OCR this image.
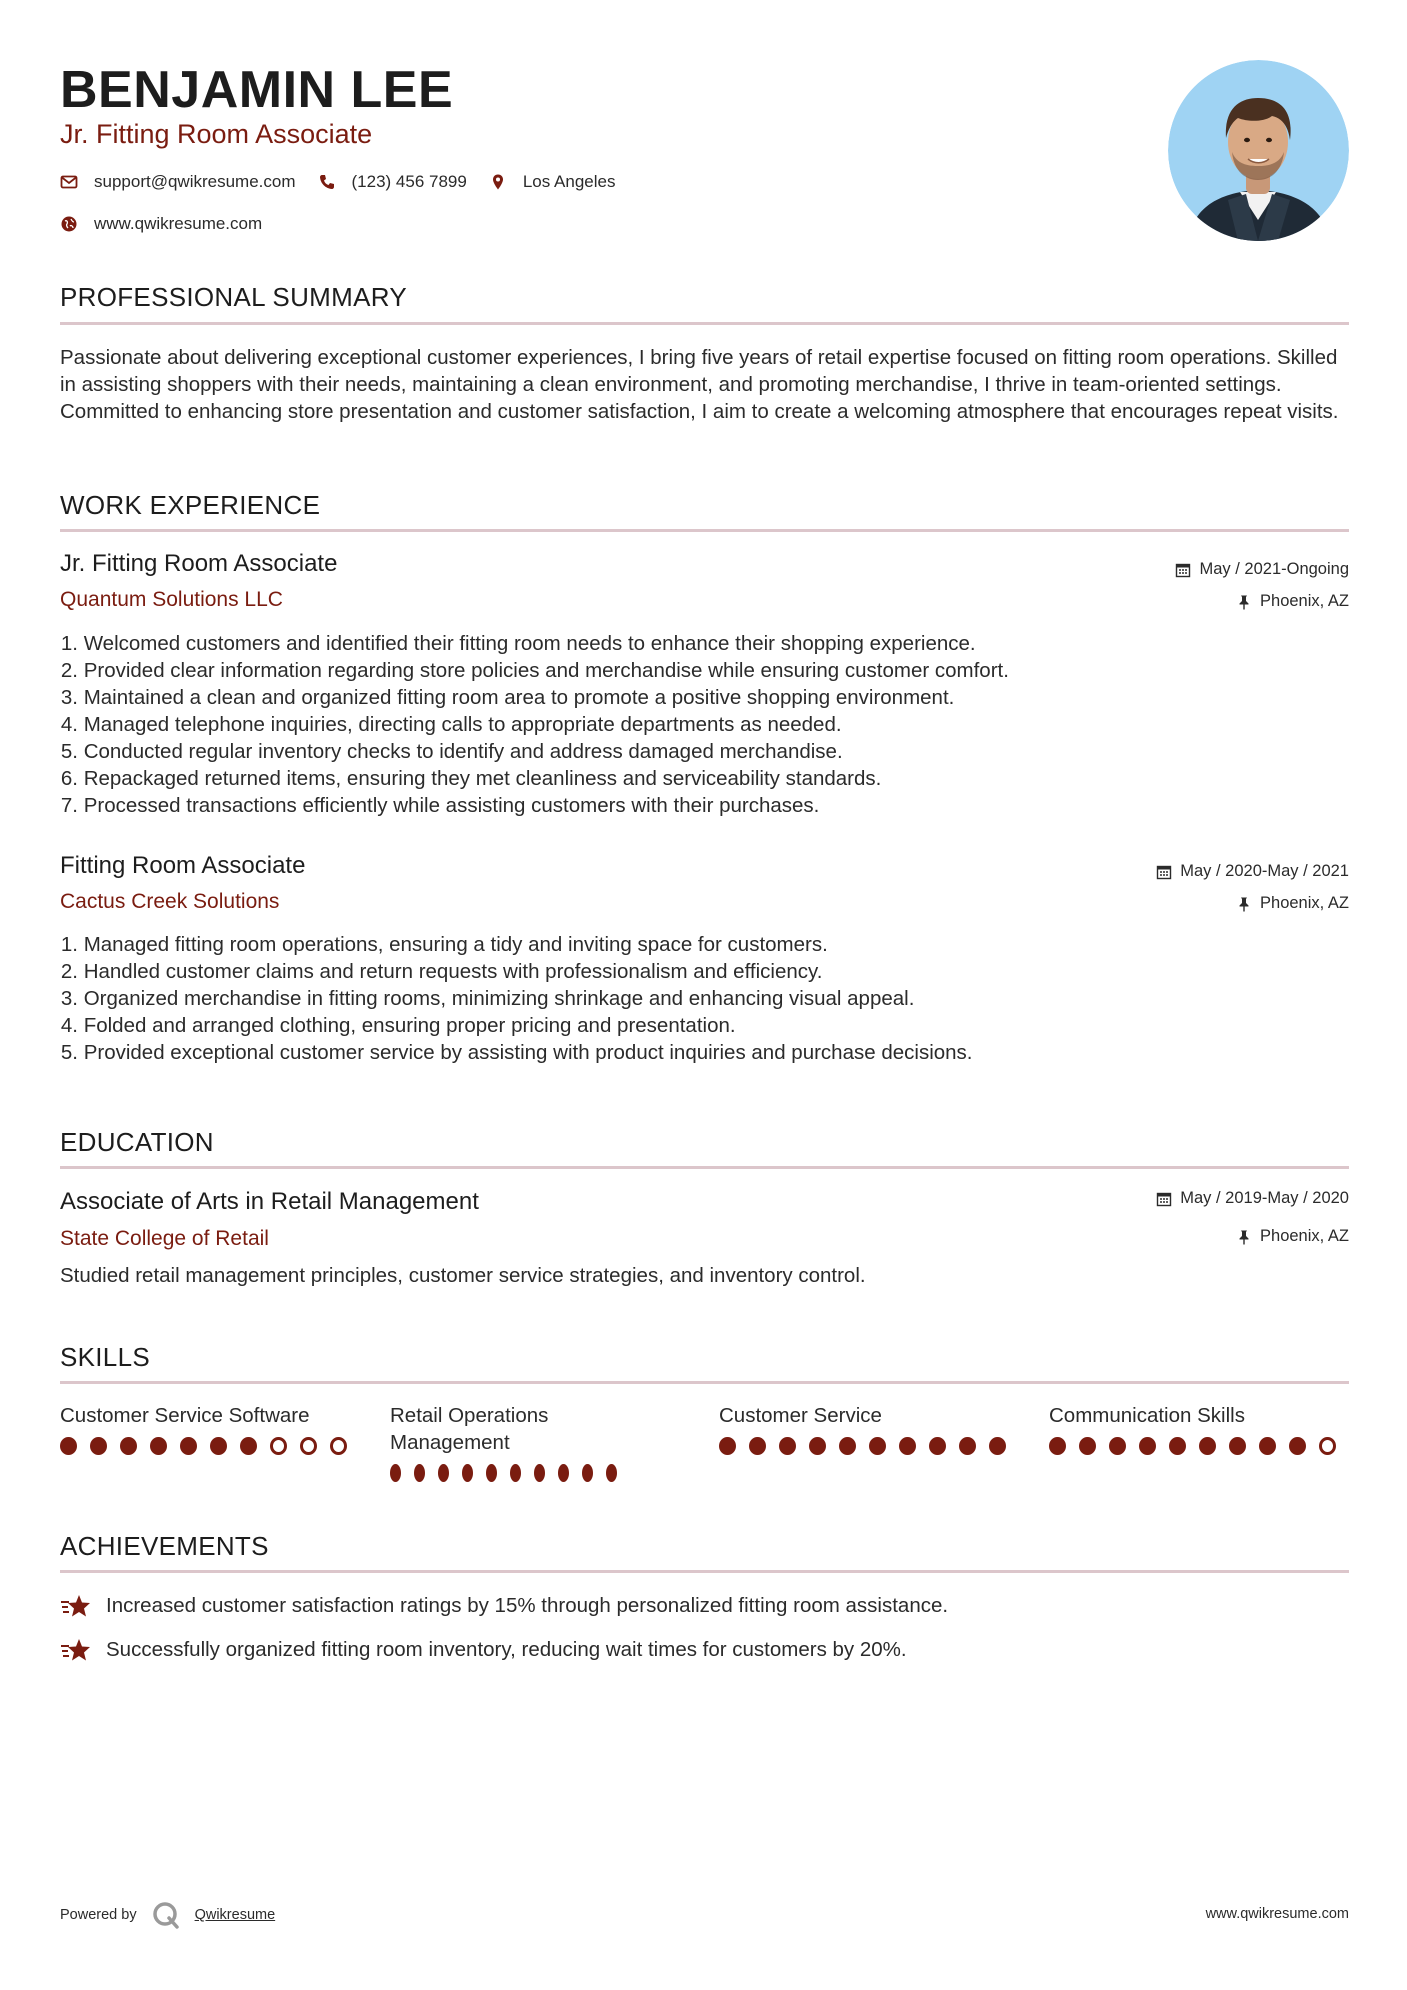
BENJAMIN LEE
Jr. Fitting Room Associate
support@qwikresume.com	(123) 456 7899	Los Angeles
www.qwikresume.com
PROFESSIONAL SUMMARY
Passionate about delivering exceptional customer experiences, I bring five years of retail expertise focused on fitting room operations. Skilled in assisting shoppers with their needs, maintaining a clean environment, and promoting merchandise, I thrive in team-oriented settings. Committed to enhancing store presentation and customer satisfaction, I aim to create a welcoming atmosphere that encourages repeat visits.
WORK EXPERIENCE
Jr. Fitting Room Associate
Quantum Solutions LLC
May / 2021-Ongoing
Phoenix, AZ
1.
Welcomed customers and identified their fitting room needs to enhance their shopping experience.
2.
Provided clear information regarding store policies and merchandise while ensuring customer comfort.
3.
Maintained a clean and organized fitting room area to promote a positive shopping environment.
4.
Managed telephone inquiries, directing calls to appropriate departments as needed.
5.
Conducted regular inventory checks to identify and address damaged merchandise.
6.
Repackaged returned items, ensuring they met cleanliness and serviceability standards.
7.
Processed transactions efficiently while assisting customers with their purchases.
Fitting Room Associate
Cactus Creek Solutions
May / 2020-May / 2021
Phoenix, AZ
1.
Managed fitting room operations, ensuring a tidy and inviting space for customers.
2.
Handled customer claims and return requests with professionalism and efficiency.
3.
Organized merchandise in fitting rooms, minimizing shrinkage and enhancing visual appeal.
4.
Folded and arranged clothing, ensuring proper pricing and presentation.
5.
Provided exceptional customer service by assisting with product inquiries and purchase decisions.
EDUCATION
Associate of Arts in Retail Management
State College of Retail
May / 2019-May / 2020
Phoenix, AZ
Studied retail management principles, customer service strategies, and inventory control.
SKILLS
Customer Service Software	Retail Operations Management
Customer Service	Communication Skills
ACHIEVEMENTS
Increased customer satisfaction ratings by 15% through personalized fitting room assistance.
Successfully organized fitting room inventory, reducing wait times for customers by 20%.
Powered by	Qwikresume	www.qwikresume.com
